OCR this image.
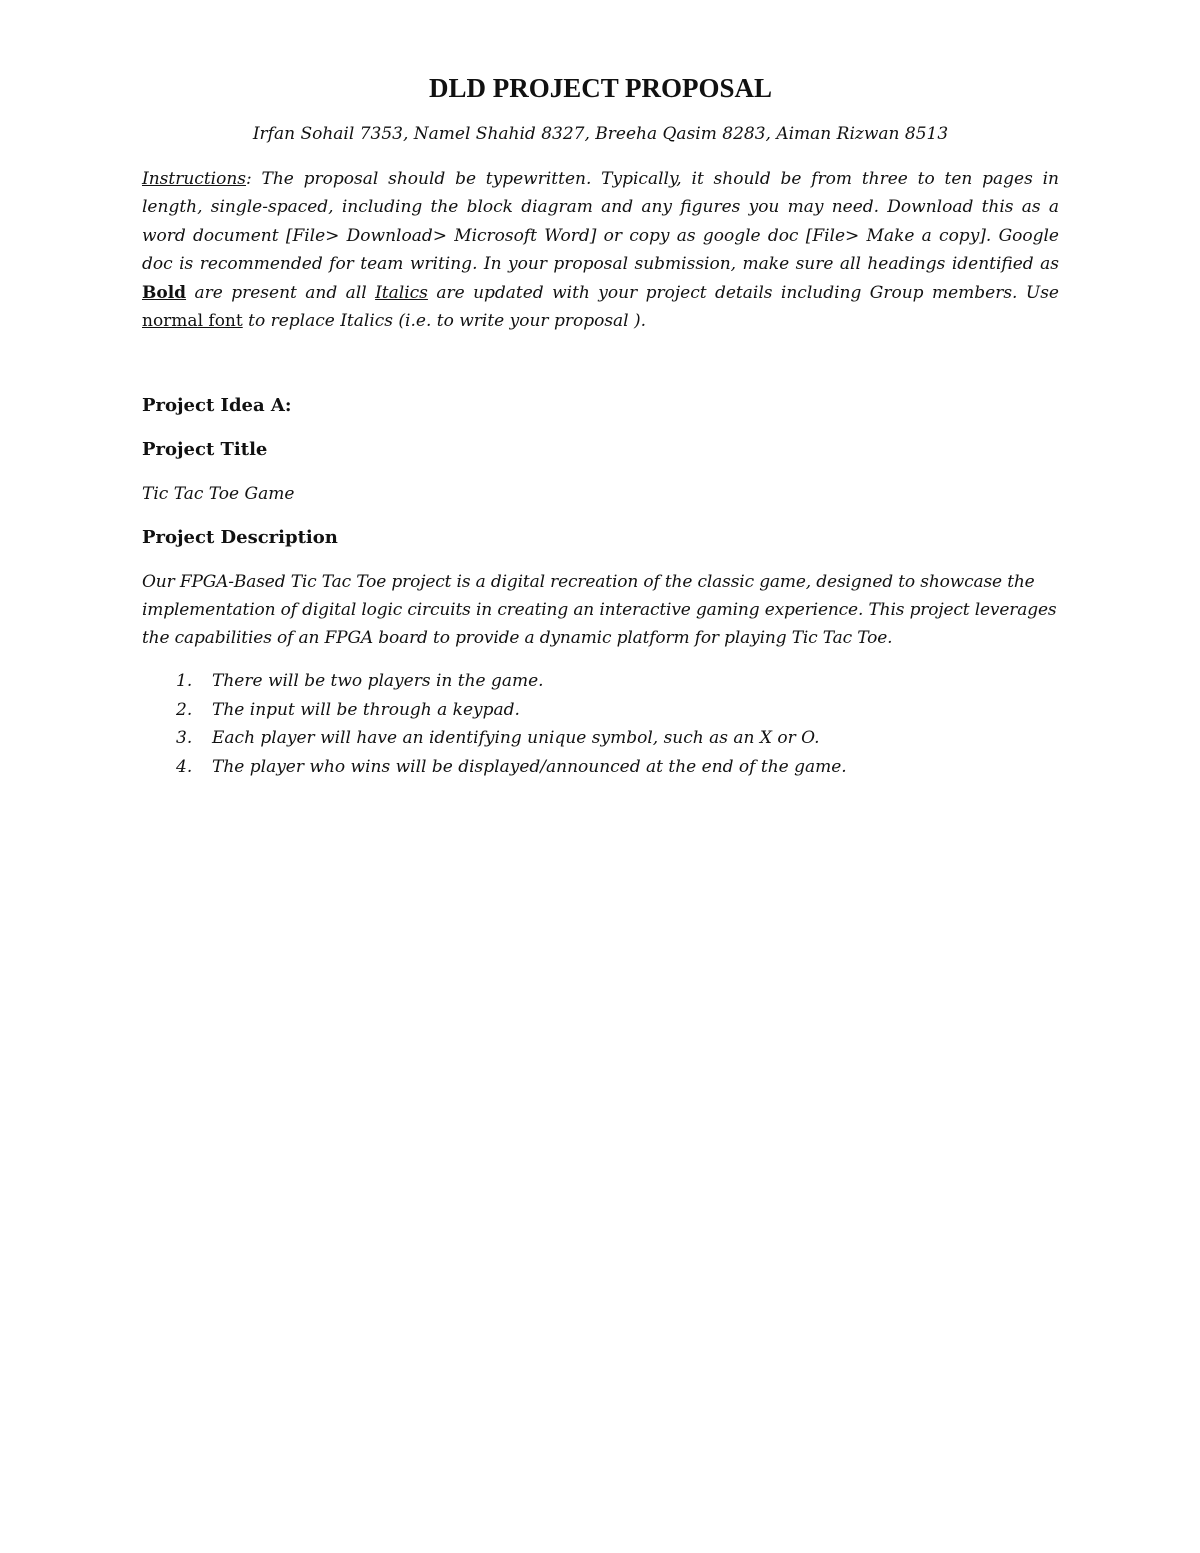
DLD PROJECT PROPOSAL

Irfan Sohail 7353, Namel Shahid 8327, Breeha Qasim 8283, Aiman Rizwan 8513

Instructions: The proposal should be typewritten. Typically, it should be from three to ten pages in length, single-spaced, including the block diagram and any figures you may need. Download this as a word document [File> Download> Microsoft Word] or copy as google doc [File> Make a copy]. Google doc is recommended for team writing. In your proposal submission, make sure all headings identified as Bold are present and all Italics are updated with your project details including Group members. Use normal font to replace Italics (i.e. to write your proposal ).

Project Idea A:
Project Title

Tic Tac Toe Game

Project Description

Our FPGA-Based Tic Tac Toe project is a digital recreation of the classic game, designed to showcase the implementation of digital logic circuits in creating an interactive gaming experience. This project leverages the capabilities of an FPGA board to provide a dynamic platform for playing Tic Tac Toe.

1. There will be two players in the game.
2. The input will be through a keypad.
3. Each player will have an identifying unique symbol, such as an X or O.
4. The player who wins will be displayed/announced at the end of the game.
